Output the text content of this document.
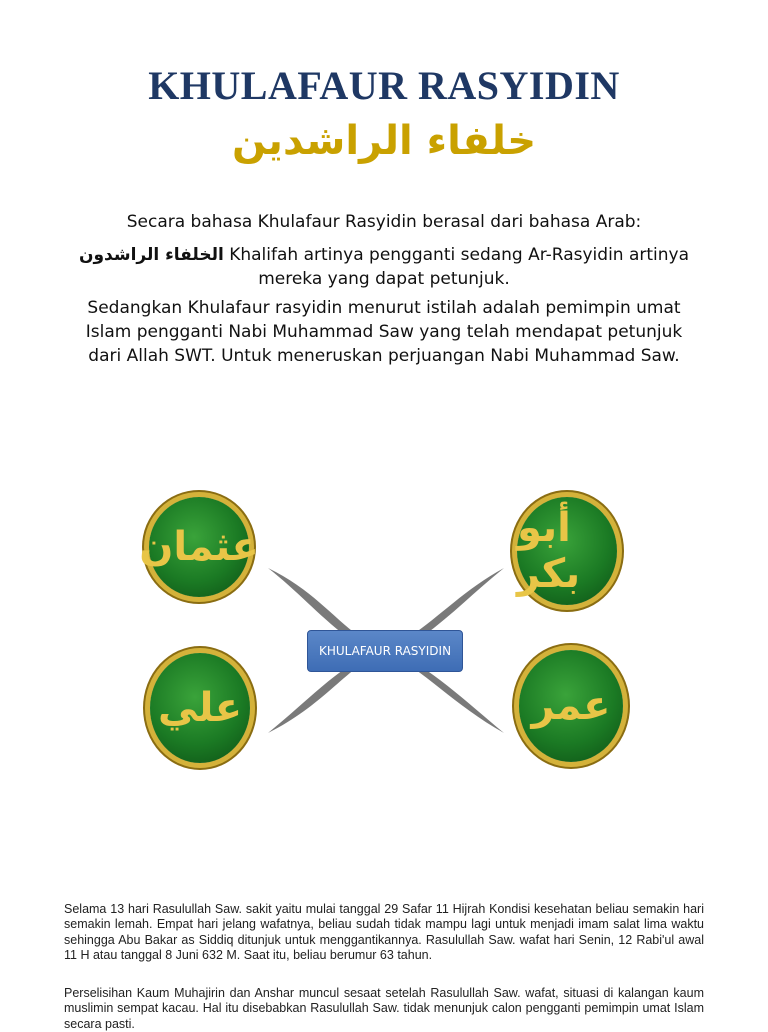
KHULAFAUR RASYIDIN
خلفاء الراشدين

Secara bahasa Khulafaur Rasyidin berasal dari bahasa Arab:

الخلفاء الراشدون Khalifah artinya pengganti sedang Ar-Rasyidin artinya mereka yang dapat petunjuk.

Sedangkan Khulafaur rasyidin menurut istilah adalah pemimpin umat Islam pengganti Nabi Muhammad Saw yang telah mendapat petunjuk dari Allah SWT. Untuk meneruskan perjuangan Nabi Muhammad Saw.

عثمان
علي
أبو بكر
عمر
KHULAFAUR RASYIDIN

Selama 13 hari Rasulullah Saw. sakit yaitu mulai tanggal 29 Safar 11 Hijrah Kondisi kesehatan beliau semakin hari semakin lemah. Empat hari jelang wafatnya, beliau sudah tidak mampu lagi untuk menjadi imam salat lima waktu sehingga Abu Bakar as Siddiq ditunjuk untuk menggantikannya. Rasulullah Saw. wafat hari Senin, 12 Rabi'ul awal 11 H atau tanggal 8 Juni 632 M. Saat itu, beliau berumur 63 tahun.

Perselisihan Kaum Muhajirin dan Anshar muncul sesaat setelah Rasulullah Saw. wafat, situasi di kalangan kaum muslimin sempat kacau. Hal itu disebabkan Rasulullah Saw. tidak menunjuk calon pengganti pemimpin umat Islam secara pasti.
